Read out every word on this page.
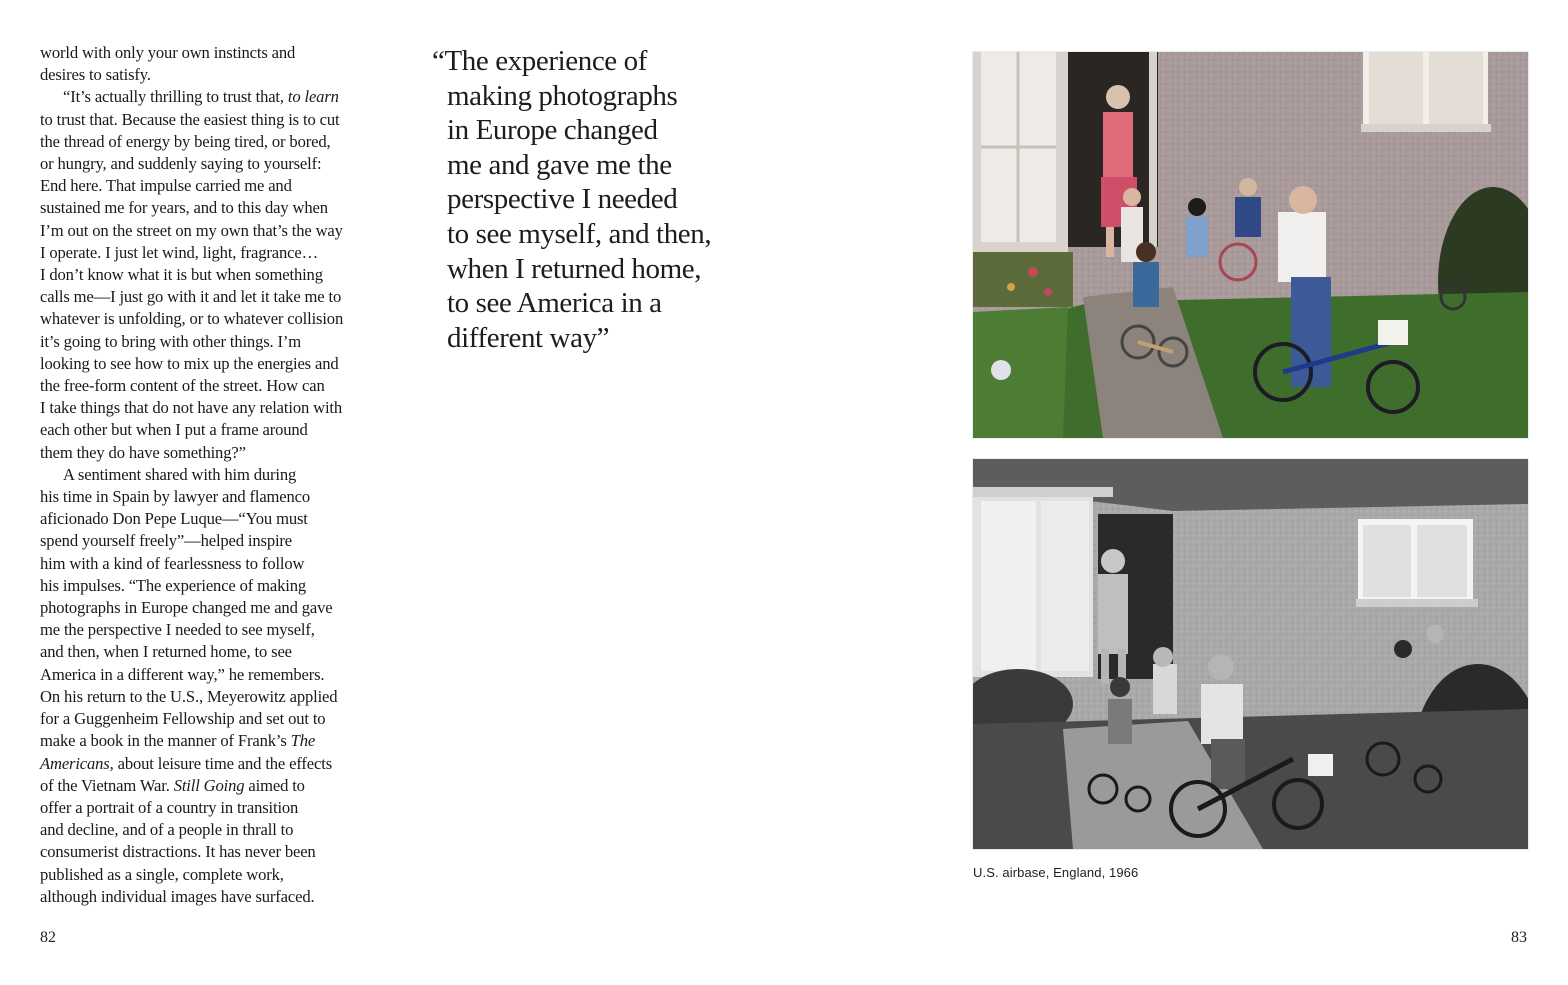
world with only your own instincts and
desires to satisfy.
“It’s actually thrilling to trust that, to learn
to trust that. Because the easiest thing is to cut
the thread of energy by being tired, or bored,
or hungry, and suddenly saying to yourself:
End here. That impulse carried me and
sustained me for years, and to this day when
I’m out on the street on my own that’s the way
I operate. I just let wind, light, fragrance…
I don’t know what it is but when something
calls me—I just go with it and let it take me to
whatever is unfolding, or to whatever collision
it’s going to bring with other things. I’m
looking to see how to mix up the energies and
the free-form content of the street. How can
I take things that do not have any relation with
each other but when I put a frame around
them they do have something?”
A sentiment shared with him during
his time in Spain by lawyer and flamenco
aficionado Don Pepe Luque—“You must
spend yourself freely”—helped inspire
him with a kind of fearlessness to follow
his impulses. “The experience of making
photographs in Europe changed me and gave
me the perspective I needed to see myself,
and then, when I returned home, to see
America in a different way,” he remembers.
On his return to the U.S., Meyerowitz applied
for a Guggenheim Fellowship and set out to
make a book in the manner of Frank’s The
Americans, about leisure time and the effects
of the Vietnam War. Still Going aimed to
offer a portrait of a country in transition
and decline, and of a people in thrall to
consumerist distractions. It has never been
published as a single, complete work,
although individual images have surfaced.
“The experience of
making photographs
in Europe changed
me and gave me the
perspective I needed
to see myself, and then,
when I returned home,
to see America in a
different way”
82
U.S. airbase, England, 1966
83
